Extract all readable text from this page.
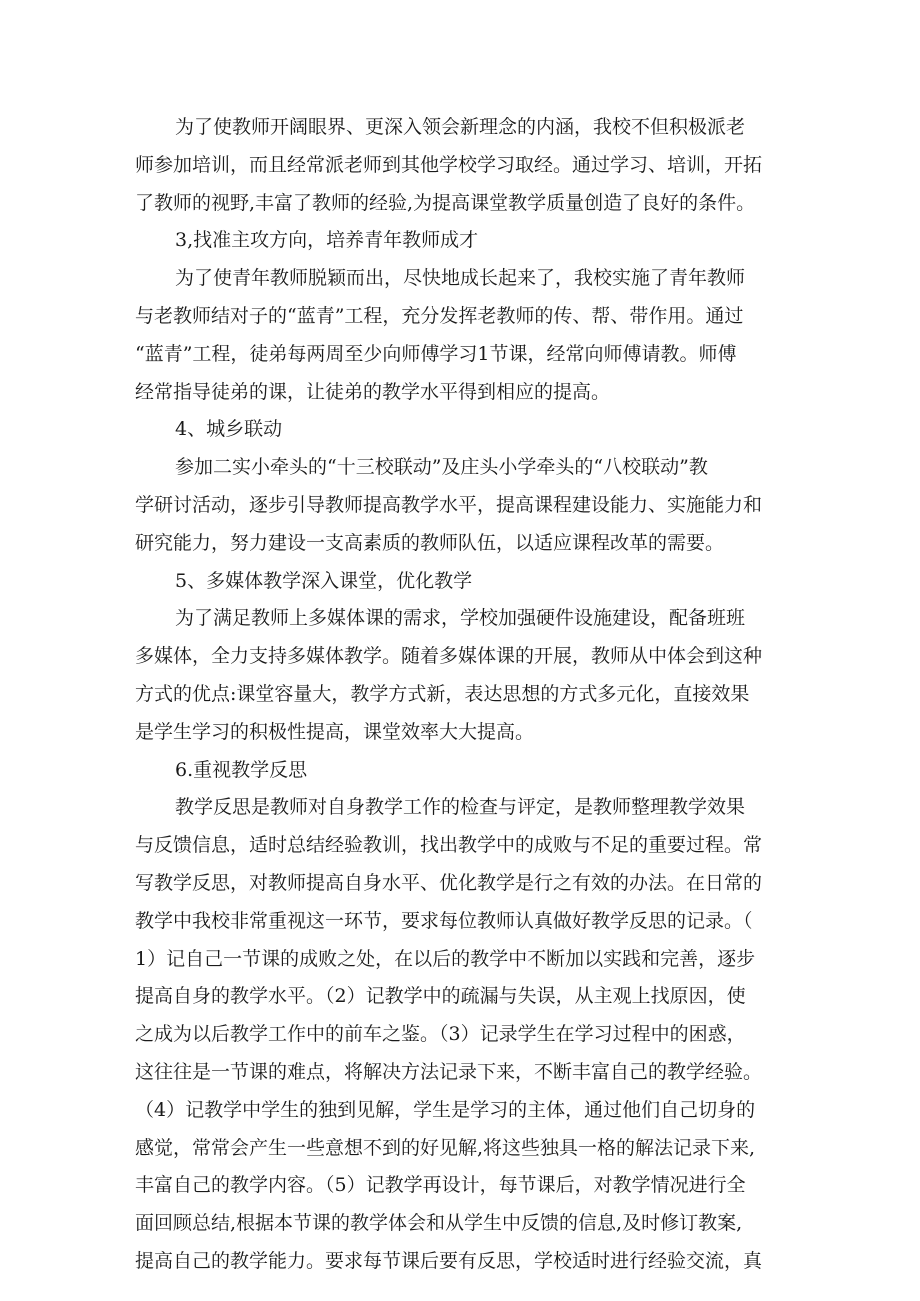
为了使教师开阔眼界、更深入领会新理念的内涵，我校不但积极派老
师参加培训，而且经常派老师到其他学校学习取经。通过学习、培训，开拓
了教师的视野,丰富了教师的经验,为提高课堂教学质量创造了良好的条件。
3,找准主攻方向，培养青年教师成才
为了使青年教师脱颖而出，尽快地成长起来了，我校实施了青年教师
与老教师结对子的“蓝青”工程，充分发挥老教师的传、帮、带作用。通过
“蓝青”工程，徒弟每两周至少向师傅学习1节课，经常向师傅请教。师傅
经常指导徒弟的课，让徒弟的教学水平得到相应的提高。
4、城乡联动
参加二实小牵头的“十三校联动”及庄头小学牵头的“八校联动”教
学研讨活动，逐步引导教师提高教学水平，提高课程建设能力、实施能力和
研究能力，努力建设一支高素质的教师队伍，以适应课程改革的需要。
5、多媒体教学深入课堂，优化教学
为了满足教师上多媒体课的需求，学校加强硬件设施建设，配备班班
多媒体，全力支持多媒体教学。随着多媒体课的开展，教师从中体会到这种
方式的优点:课堂容量大，教学方式新，表达思想的方式多元化，直接效果
是学生学习的积极性提高，课堂效率大大提高。
6.重视教学反思
教学反思是教师对自身教学工作的检查与评定，是教师整理教学效果
与反馈信息，适时总结经验教训，找出教学中的成败与不足的重要过程。常
写教学反思，对教师提高自身水平、优化教学是行之有效的办法。在日常的
教学中我校非常重视这一环节，要求每位教师认真做好教学反思的记录。（
1）记自己一节课的成败之处，在以后的教学中不断加以实践和完善，逐步
提高自身的教学水平。（2）记教学中的疏漏与失误，从主观上找原因，使
之成为以后教学工作中的前车之鉴。（3）记录学生在学习过程中的困惑，
这往往是一节课的难点，将解决方法记录下来，不断丰富自己的教学经验。
（4）记教学中学生的独到见解，学生是学习的主体，通过他们自己切身的
感觉，常常会产生一些意想不到的好见解,将这些独具一格的解法记录下来,
丰富自己的教学内容。（5）记教学再设计，每节课后，对教学情况进行全
面回顾总结,根据本节课的教学体会和从学生中反馈的信息,及时修订教案,
提高自己的教学能力。要求每节课后要有反思，学校适时进行经验交流，真
